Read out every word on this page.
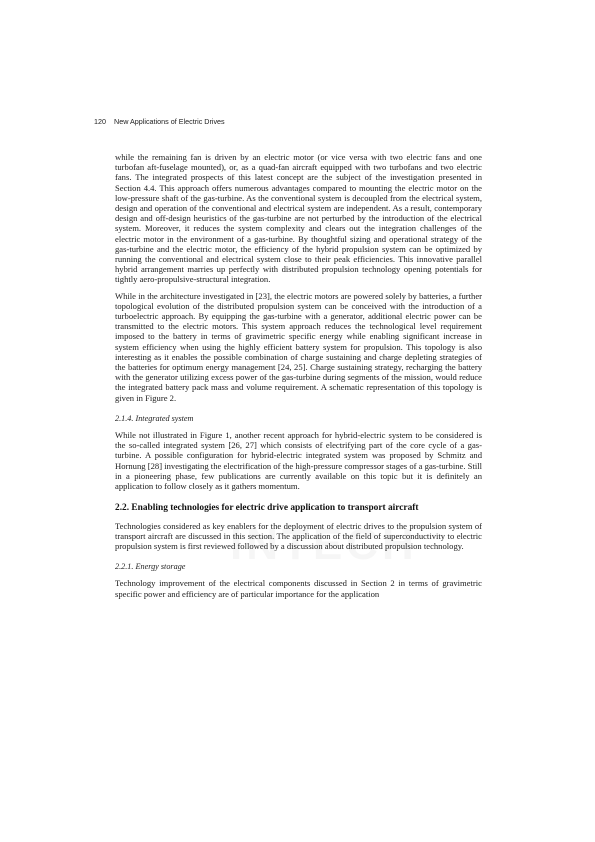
120 New Applications of Electric Drives

while the remaining fan is driven by an electric motor (or vice versa with two electric fans and one turbofan aft-fuselage mounted), or, as a quad-fan aircraft equipped with two turbofans and two electric fans. The integrated prospects of this latest concept are the subject of the investigation presented in Section 4.4. This approach offers numerous advantages compared to mounting the electric motor on the low-pressure shaft of the gas-turbine. As the conventional system is decoupled from the electrical system, design and operation of the conventional and electrical system are independent. As a result, contemporary design and off-design heuristics of the gas-turbine are not perturbed by the introduction of the electrical system. Moreover, it reduces the system complexity and clears out the integration challenges of the electric motor in the environment of a gas-turbine. By thoughtful sizing and operational strategy of the gas-turbine and the electric motor, the efficiency of the hybrid propulsion system can be optimized by running the conventional and electrical system close to their peak efficiencies. This innovative parallel hybrid arrangement marries up perfectly with distributed propulsion technology opening potentials for tightly aero-propulsive-structural integration.

While in the architecture investigated in [23], the electric motors are powered solely by batteries, a further topological evolution of the distributed propulsion system can be conceived with the introduction of a turboelectric approach. By equipping the gas-turbine with a generator, additional electric power can be transmitted to the electric motors. This system approach reduces the technological level requirement imposed to the battery in terms of gravimetric specific energy while enabling significant increase in system efficiency when using the highly efficient battery system for propulsion. This topology is also interesting as it enables the possible combination of charge sustaining and charge depleting strategies of the batteries for optimum energy management [24, 25]. Charge sustaining strategy, recharging the battery with the generator utilizing excess power of the gas-turbine during segments of the mission, would reduce the integrated battery pack mass and volume requirement. A schematic representation of this topology is given in Figure 2.

2.1.4. Integrated system

While not illustrated in Figure 1, another recent approach for hybrid-electric system to be considered is the so-called integrated system [26, 27] which consists of electrifying part of the core cycle of a gas-turbine. A possible configuration for hybrid-electric integrated system was proposed by Schmitz and Hornung [28] investigating the electrification of the high-pressure compressor stages of a gas-turbine. Still in a pioneering phase, few publications are currently available on this topic but it is definitely an application to follow closely as it gathers momentum.

2.2. Enabling technologies for electric drive application to transport aircraft

Technologies considered as key enablers for the deployment of electric drives to the propulsion system of transport aircraft are discussed in this section. The application of the field of superconductivity to electric propulsion system is first reviewed followed by a discussion about distributed propulsion technology.

2.2.1. Energy storage

Technology improvement of the electrical components discussed in Section 2 in terms of gravimetric specific power and efficiency are of particular importance for the application
